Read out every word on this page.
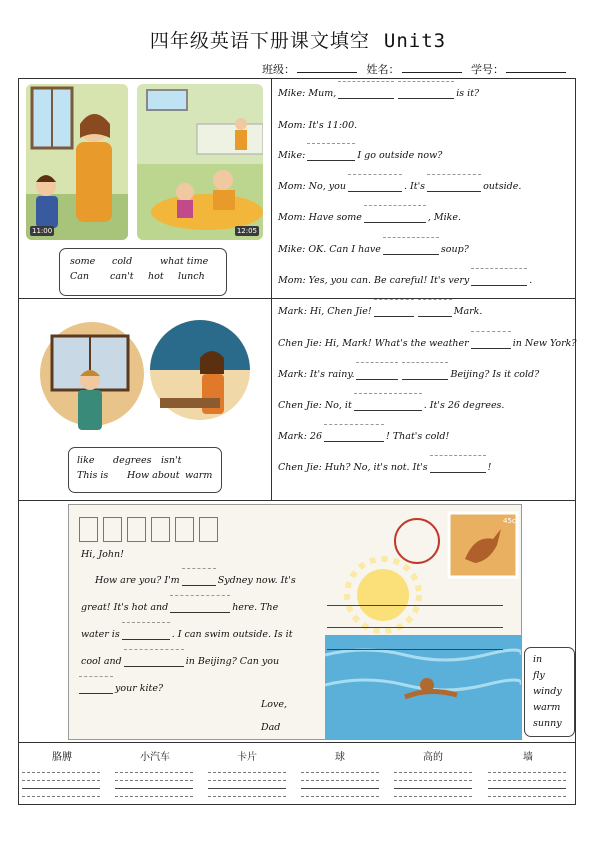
四年级英语下册课文填空 Unit3
班级：	姓名：	学号：
11:00	12:05
some cold	what time
Can can't hot lunch
Mike: Mum,	is it?
Mom: It's 11:00.
Mike:	I go outside now?
Mom: No, you	. It's	outside.
Mom: Have some	, Mike.
Mike: OK. Can I have	soup?
Mom: Yes, you can. Be careful! It's very	.
like degrees isn't
This is How about warm
Mark: Hi, Chen Jie!	Mark.
Chen Jie: Hi, Mark! What's the weather	in New York?
Mark: It's rainy.	Beijing? Is it cold?
Chen Jie: No, it	. It's 26 degrees.
Mark: 26	! That's cold!
Chen Jie: Huh? No, it's not. It's	!
45c
Hi, John!
How are you? I'm	Sydney now. It's
great! It's hot and	here. The
water is	. I can swim outside. Is it
cool and	in Beijing? Can you
your kite?
Love,
Dad
in
fly
windy
warm
sunny
胳膊	小汽车	卡片	球	高的	墙
